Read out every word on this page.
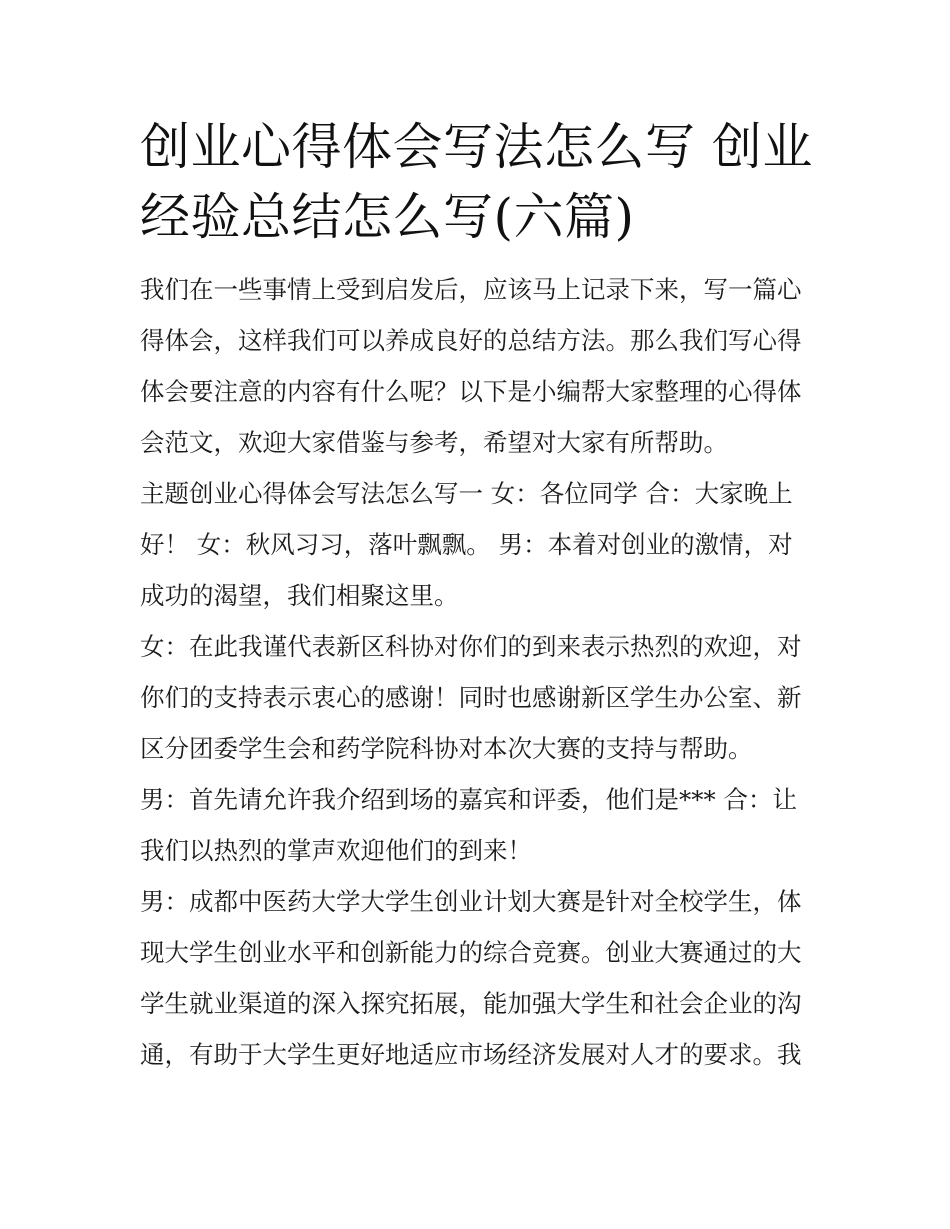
创业心得体会写法怎么写 创业
经验总结怎么写(六篇)

我们在一些事情上受到启发后，应该马上记录下来，写一篇心
得体会，这样我们可以养成良好的总结方法。那么我们写心得
体会要注意的内容有什么呢？以下是小编帮大家整理的心得体
会范文，欢迎大家借鉴与参考，希望对大家有所帮助。

主题创业心得体会写法怎么写一 女：各位同学 合：大家晚上
好！ 女：秋风习习，落叶飘飘。 男：本着对创业的激情，对
成功的渴望，我们相聚这里。

女：在此我谨代表新区科协对你们的到来表示热烈的欢迎，对
你们的支持表示衷心的感谢！同时也感谢新区学生办公室、新
区分团委学生会和药学院科协对本次大赛的支持与帮助。

男：首先请允许我介绍到场的嘉宾和评委，他们是*** 合：让
我们以热烈的掌声欢迎他们的到来！

男：成都中医药大学大学生创业计划大赛是针对全校学生，体
现大学生创业水平和创新能力的综合竞赛。创业大赛通过的大
学生就业渠道的深入探究拓展，能加强大学生和社会企业的沟
通，有助于大学生更好地适应市场经济发展对人才的要求。我
